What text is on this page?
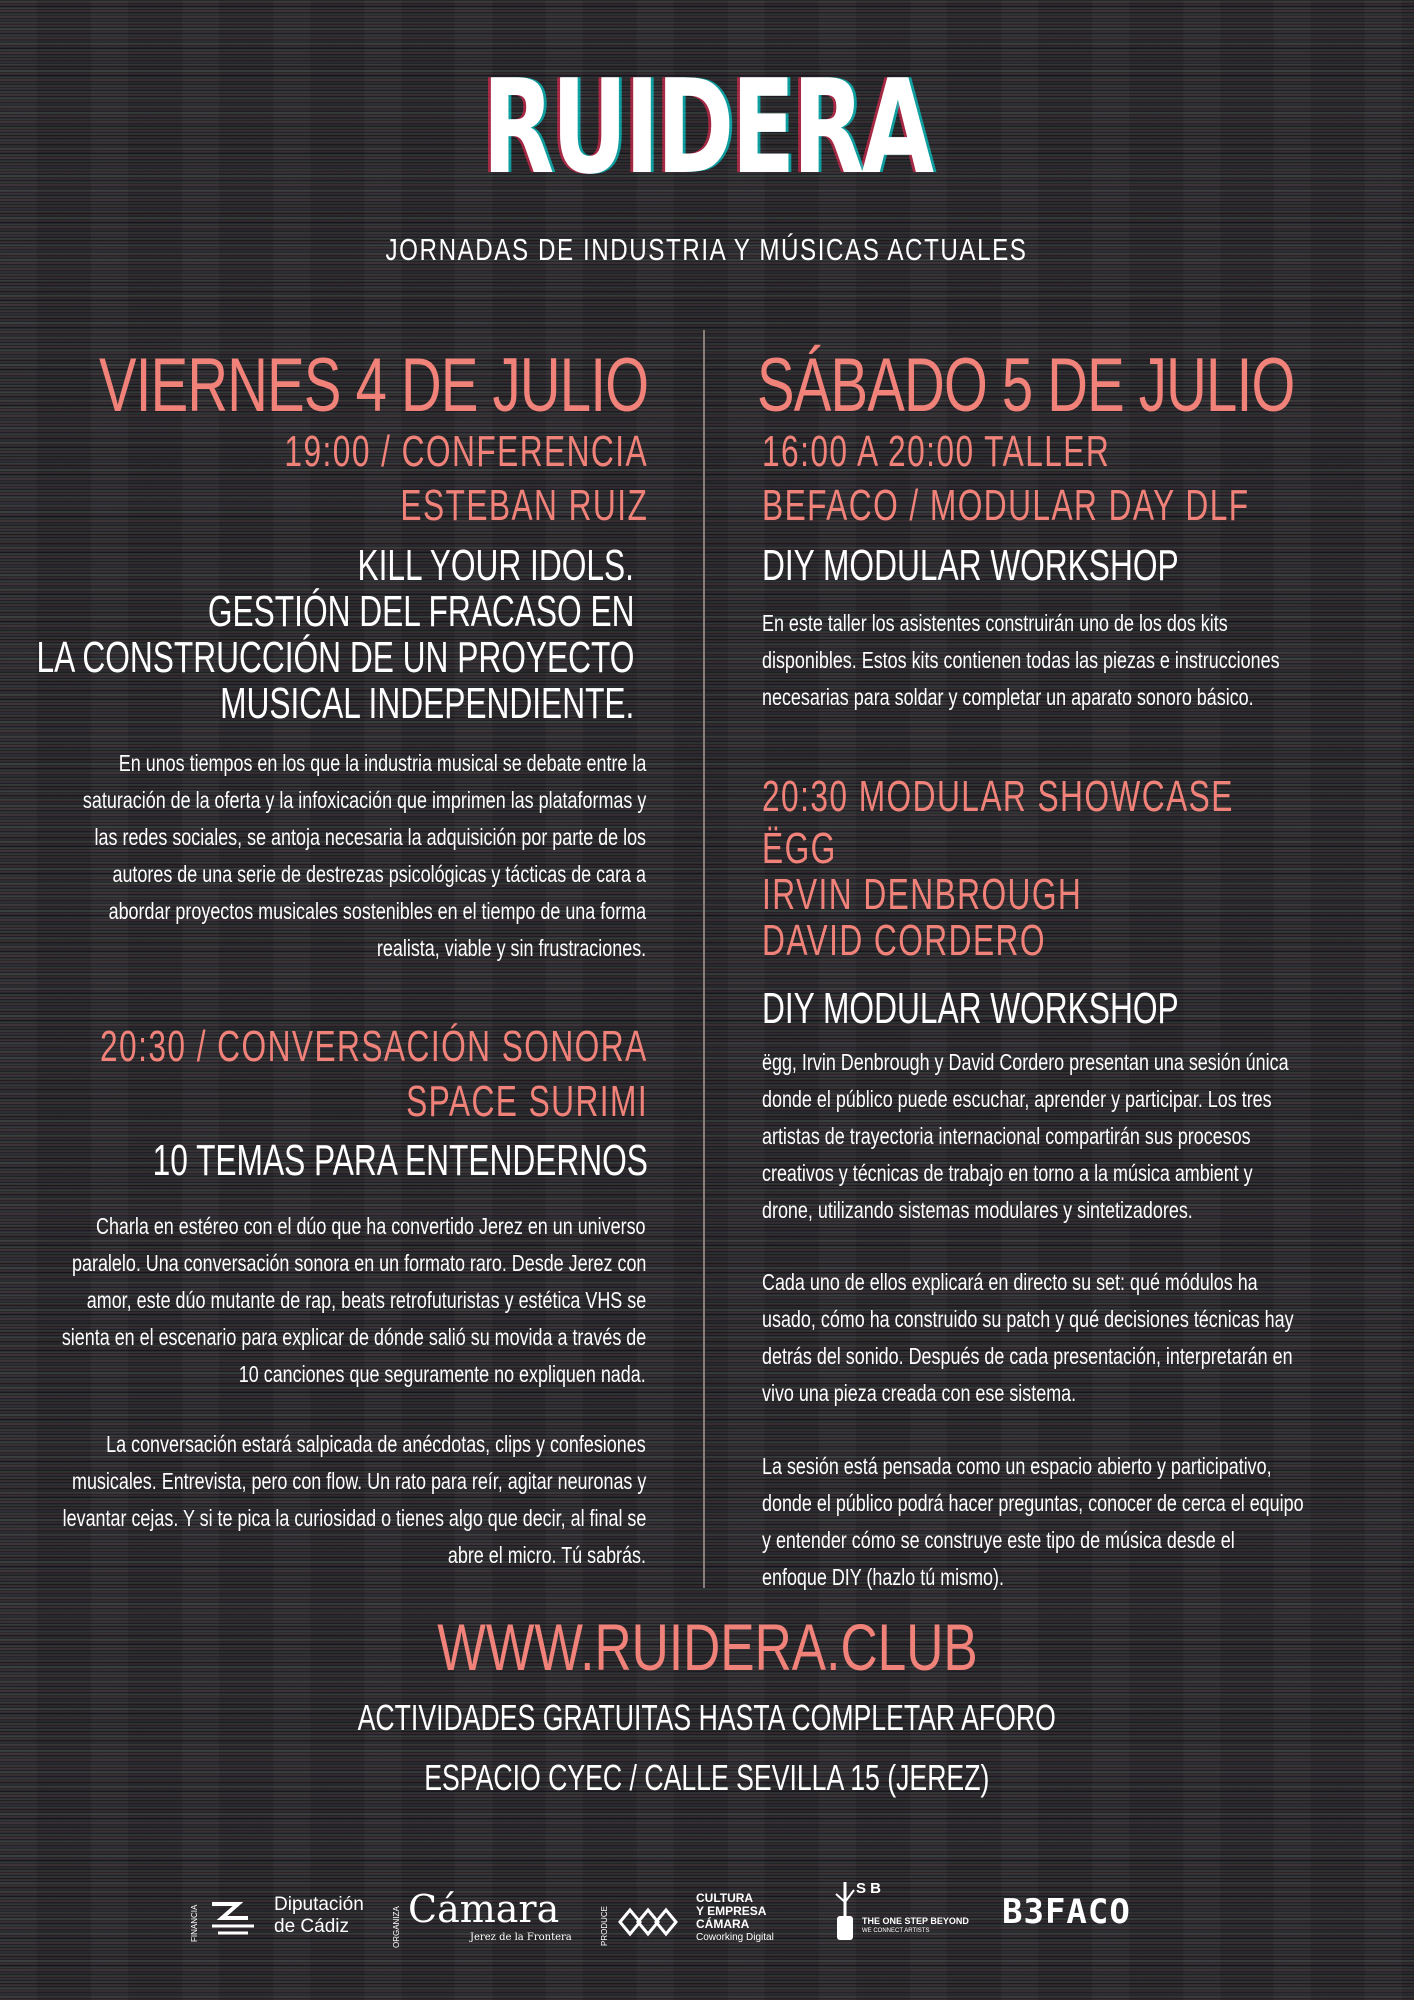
RUIDERA
JORNADAS DE INDUSTRIA Y MÚSICAS ACTUALES
VIERNES 4 DE JULIO
19:00 / CONFERENCIA
ESTEBAN RUIZ
KILL YOUR IDOLS.
GESTIÓN DEL FRACASO EN
LA CONSTRUCCIÓN DE UN PROYECTO
MUSICAL INDEPENDIENTE.
En unos tiempos en los que la industria musical se debate entre la
saturación de la oferta y la infoxicación que imprimen las plataformas y
las redes sociales, se antoja necesaria la adquisición por parte de los
autores de una serie de destrezas psicológicas y tácticas de cara a
abordar proyectos musicales sostenibles en el tiempo de una forma
realista, viable y sin frustraciones.
20:30 / CONVERSACIÓN SONORA
SPACE SURIMI
10 TEMAS PARA ENTENDERNOS
Charla en estéreo con el dúo que ha convertido Jerez en un universo
paralelo. Una conversación sonora en un formato raro. Desde Jerez con
amor, este dúo mutante de rap, beats retrofuturistas y estética VHS se
sienta en el escenario para explicar de dónde salió su movida a través de
10 canciones que seguramente no expliquen nada.
La conversación estará salpicada de anécdotas, clips y confesiones
musicales. Entrevista, pero con flow. Un rato para reír, agitar neuronas y
levantar cejas. Y si te pica la curiosidad o tienes algo que decir, al final se
abre el micro. Tú sabrás.
SÁBADO 5 DE JULIO
16:00 A 20:00 TALLER
BEFACO / MODULAR DAY DLF
DIY MODULAR WORKSHOP
En este taller los asistentes construirán uno de los dos kits
disponibles. Estos kits contienen todas las piezas e instrucciones
necesarias para soldar y completar un aparato sonoro básico.
20:30 MODULAR SHOWCASE
ËGG
IRVIN DENBROUGH
DAVID CORDERO
DIY MODULAR WORKSHOP
ëgg, Irvin Denbrough y David Cordero presentan una sesión única
donde el público puede escuchar, aprender y participar. Los tres
artistas de trayectoria internacional compartirán sus procesos
creativos y técnicas de trabajo en torno a la música ambient y
drone, utilizando sistemas modulares y sintetizadores.
Cada uno de ellos explicará en directo su set: qué módulos ha
usado, cómo ha construido su patch y qué decisiones técnicas hay
detrás del sonido. Después de cada presentación, interpretarán en
vivo una pieza creada con ese sistema.
La sesión está pensada como un espacio abierto y participativo,
donde el público podrá hacer preguntas, conocer de cerca el equipo
y entender cómo se construye este tipo de música desde el
enfoque DIY (hazlo tú mismo).
WWW.RUIDERA.CLUB
ACTIVIDADES GRATUITAS HASTA COMPLETAR AFORO
ESPACIO CYEC / CALLE SEVILLA 15 (JEREZ)
FINANCIA
Diputación
de Cádiz	ORGANIZA Cámara
Jerez de la Frontera	PRODUCE
CULTURA
Y EMPRESA
CÁMARA
Coworking Digital
S B
THE ONE STEP BEYOND
WE CONNECT ARTISTS B3FACO
